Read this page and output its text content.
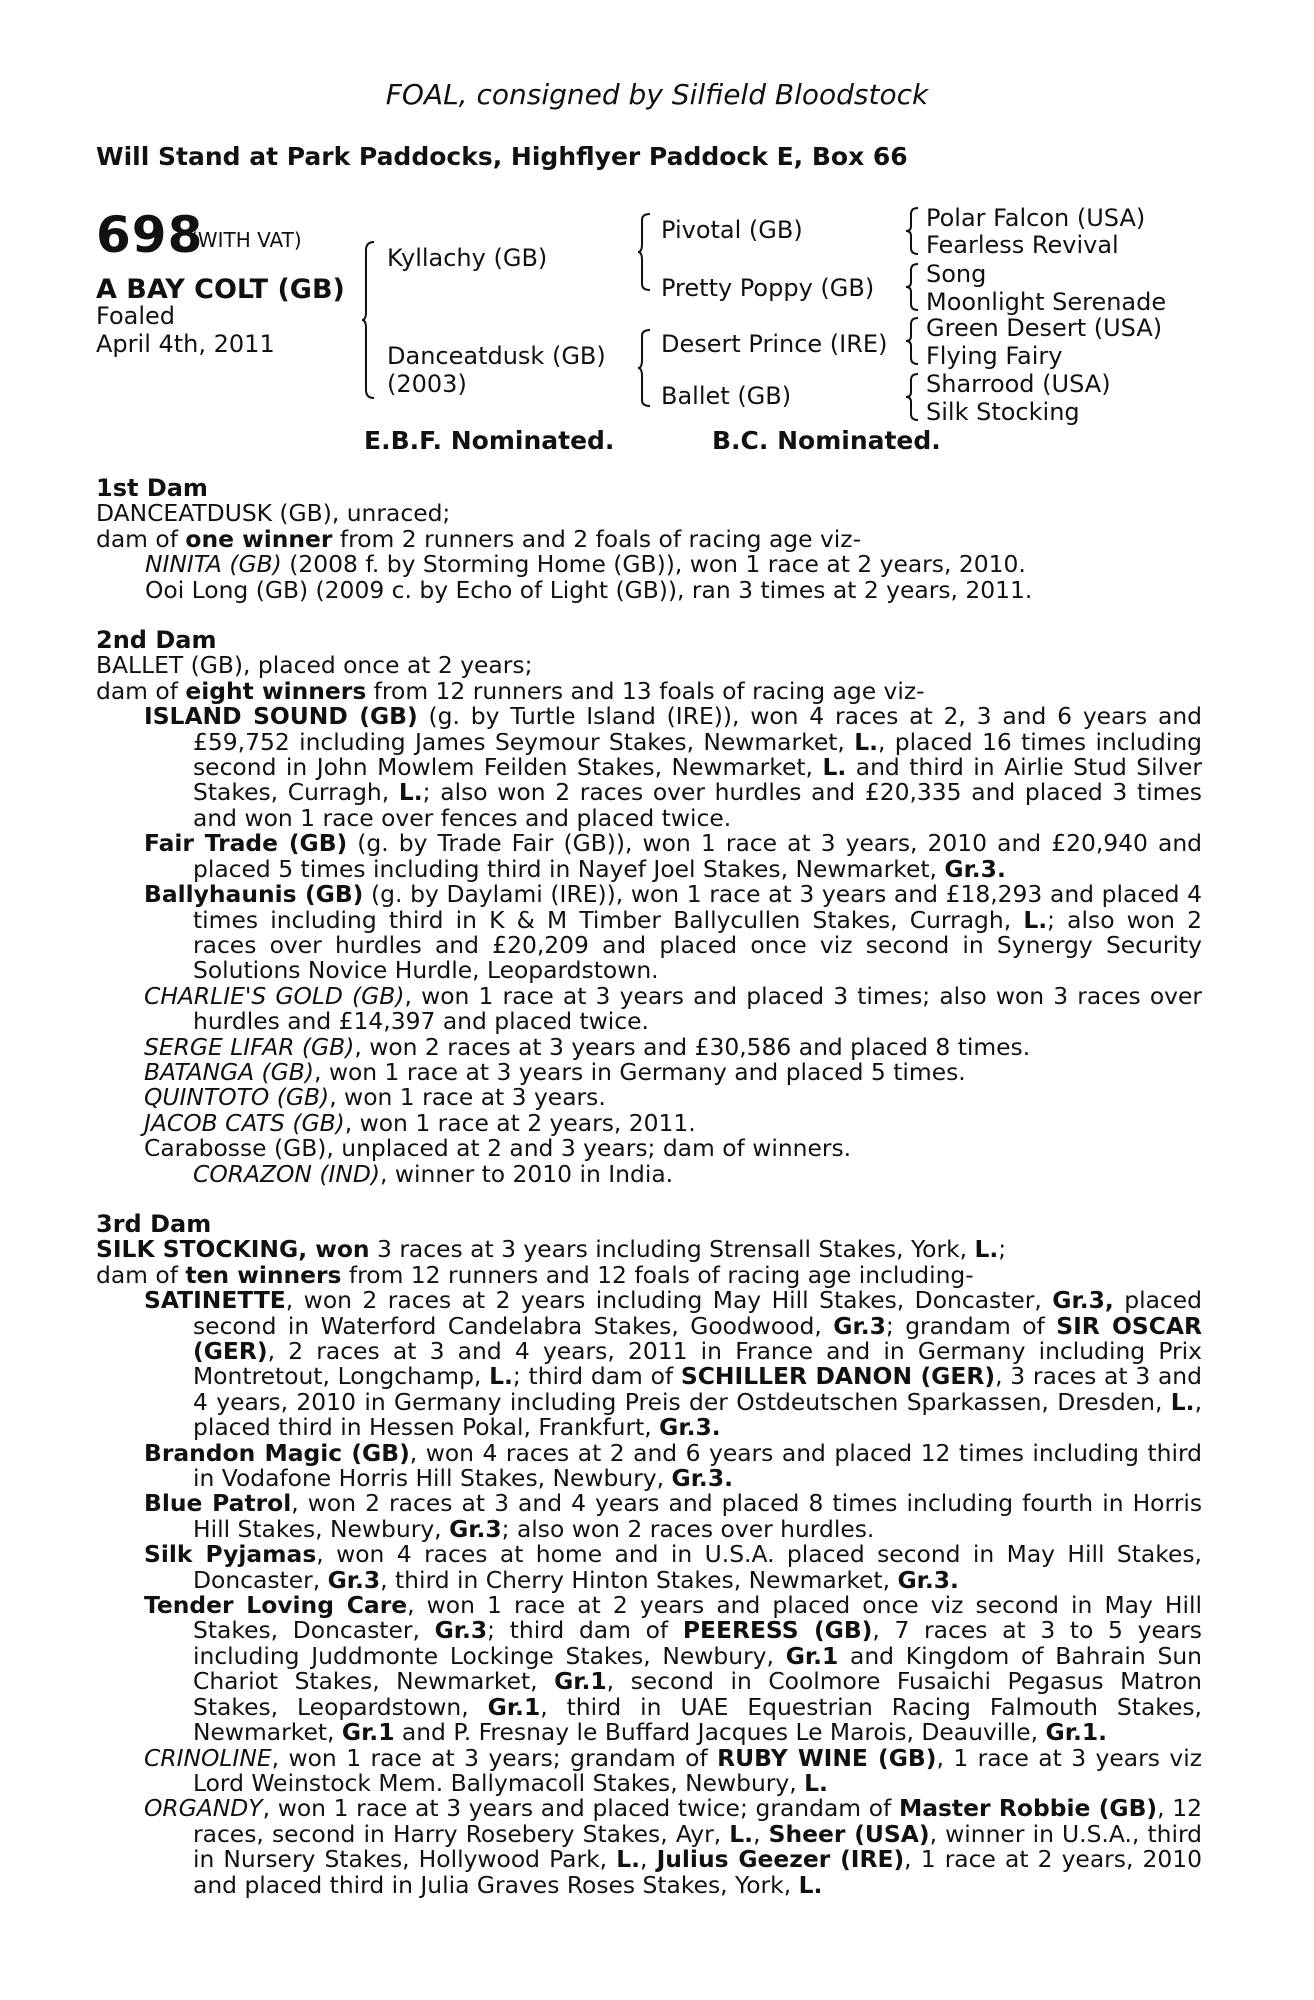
FOAL, consigned by Silfield Bloodstock
Will Stand at Park Paddocks, Highflyer Paddock E, Box 66
698
(WITH VAT)
A BAY COLT (GB)
Foaled
April 4th, 2011
Kyllachy (GB)
Danceatdusk (GB)
(2003)
Pivotal (GB)
Pretty Poppy (GB)
Desert Prince (IRE)
Ballet (GB)
Polar Falcon (USA)
Fearless Revival
Song
Moonlight Serenade
Green Desert (USA)
Flying Fairy
Sharrood (USA)
Silk Stocking
E.B.F. Nominated.	B.C. Nominated.

1st Dam

DANCEATDUSK (GB), unraced;

dam of one winner from 2 runners and 2 foals of racing age viz-

NINITA (GB) (2008 f. by Storming Home (GB)), won 1 race at 2 years, 2010.

Ooi Long (GB) (2009 c. by Echo of Light (GB)), ran 3 times at 2 years, 2011.

2nd Dam

BALLET (GB), placed once at 2 years;

dam of eight winners from 12 runners and 13 foals of racing age viz-

ISLAND SOUND (GB) (g. by Turtle Island (IRE)), won 4 races at 2, 3 and 6 years and £59,752 including James Seymour Stakes, Newmarket, L., placed 16 times including second in John Mowlem Feilden Stakes, Newmarket, L. and third in Airlie Stud Silver Stakes, Curragh, L.; also won 2 races over hurdles and £20,335 and placed 3 times and won 1 race over fences and placed twice.

Fair Trade (GB) (g. by Trade Fair (GB)), won 1 race at 3 years, 2010 and £20,940 and placed 5 times including third in Nayef Joel Stakes, Newmarket, Gr.3.

Ballyhaunis (GB) (g. by Daylami (IRE)), won 1 race at 3 years and £18,293 and placed 4 times including third in K & M Timber Ballycullen Stakes, Curragh, L.; also won 2 races over hurdles and £20,209 and placed once viz second in Synergy Security Solutions Novice Hurdle, Leopardstown.

CHARLIE'S GOLD (GB), won 1 race at 3 years and placed 3 times; also won 3 races over hurdles and £14,397 and placed twice.

SERGE LIFAR (GB), won 2 races at 3 years and £30,586 and placed 8 times.

BATANGA (GB), won 1 race at 3 years in Germany and placed 5 times.

QUINTOTO (GB), won 1 race at 3 years.

JACOB CATS (GB), won 1 race at 2 years, 2011.

Carabosse (GB), unplaced at 2 and 3 years; dam of winners.

CORAZON (IND), winner to 2010 in India.

3rd Dam

SILK STOCKING, won 3 races at 3 years including Strensall Stakes, York, L.;

dam of ten winners from 12 runners and 12 foals of racing age including-

SATINETTE, won 2 races at 2 years including May Hill Stakes, Doncaster, Gr.3, placed second in Waterford Candelabra Stakes, Goodwood, Gr.3; grandam of SIR OSCAR (GER), 2 races at 3 and 4 years, 2011 in France and in Germany including Prix Montretout, Longchamp, L.; third dam of SCHILLER DANON (GER), 3 races at 3 and 4 years, 2010 in Germany including Preis der Ostdeutschen Sparkassen, Dresden, L., placed third in Hessen Pokal, Frankfurt, Gr.3.

Brandon Magic (GB), won 4 races at 2 and 6 years and placed 12 times including third in Vodafone Horris Hill Stakes, Newbury, Gr.3.

Blue Patrol, won 2 races at 3 and 4 years and placed 8 times including fourth in Horris Hill Stakes, Newbury, Gr.3; also won 2 races over hurdles.

Silk Pyjamas, won 4 races at home and in U.S.A. placed second in May Hill Stakes, Doncaster, Gr.3, third in Cherry Hinton Stakes, Newmarket, Gr.3.

Tender Loving Care, won 1 race at 2 years and placed once viz second in May Hill Stakes, Doncaster, Gr.3; third dam of PEERESS (GB), 7 races at 3 to 5 years including Juddmonte Lockinge Stakes, Newbury, Gr.1 and Kingdom of Bahrain Sun Chariot Stakes, Newmarket, Gr.1, second in Coolmore Fusaichi Pegasus Matron Stakes, Leopardstown, Gr.1, third in UAE Equestrian Racing Falmouth Stakes, Newmarket, Gr.1 and P. Fresnay le Buffard Jacques Le Marois, Deauville, Gr.1.

CRINOLINE, won 1 race at 3 years; grandam of RUBY WINE (GB), 1 race at 3 years viz Lord Weinstock Mem. Ballymacoll Stakes, Newbury, L.

ORGANDY, won 1 race at 3 years and placed twice; grandam of Master Robbie (GB), 12 races, second in Harry Rosebery Stakes, Ayr, L., Sheer (USA), winner in U.S.A., third in Nursery Stakes, Hollywood Park, L., Julius Geezer (IRE), 1 race at 2 years, 2010 and placed third in Julia Graves Roses Stakes, York, L.
